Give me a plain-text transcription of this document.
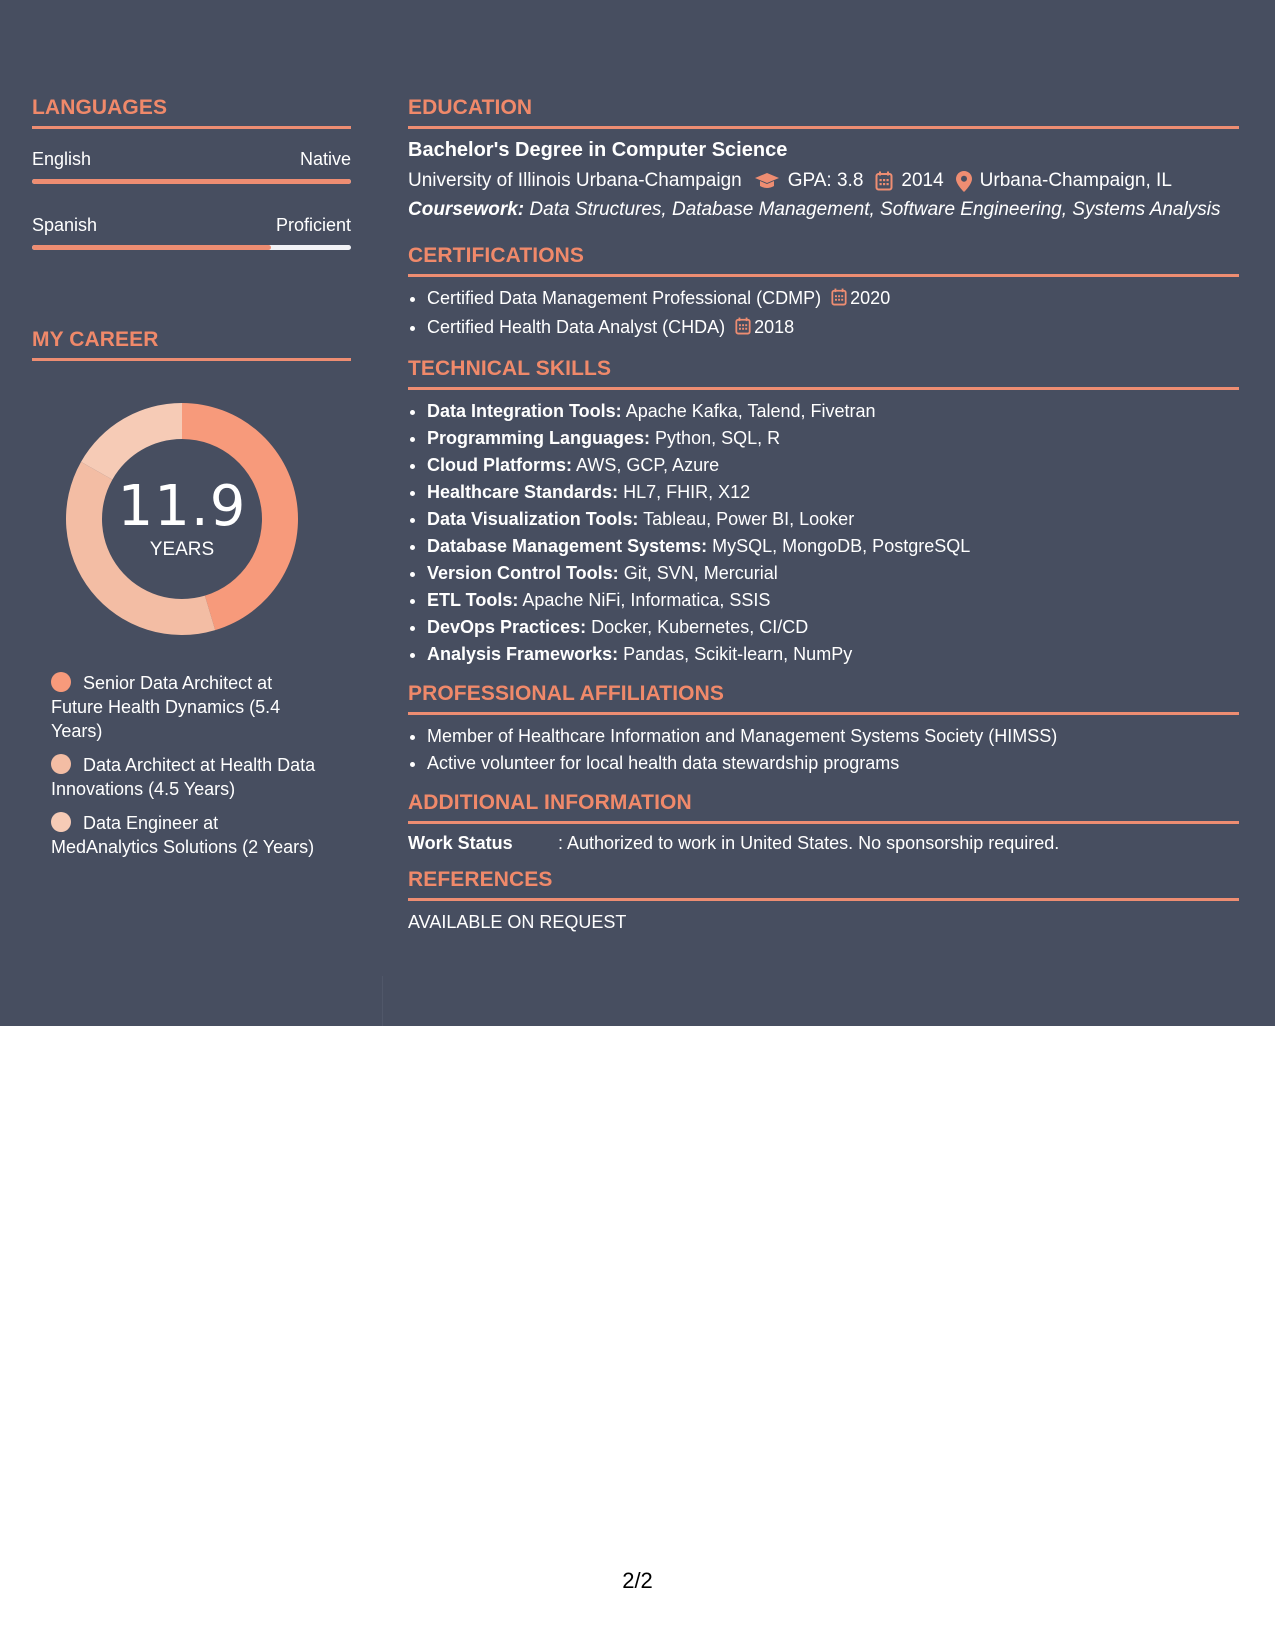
LANGUAGES
English	Native
Spanish	Proficient
MY CAREER
11.9
YEARS
Senior Data Architect at Future Health Dynamics (5.4 Years)
Data Architect at Health Data Innovations (4.5 Years)
Data Engineer at MedAnalytics Solutions (2 Years)
EDUCATION
Bachelor's Degree in Computer Science
University of Illinois Urbana-Champaign GPA: 3.8 2014 Urbana-Champaign, IL
Coursework: Data Structures, Database Management, Software Engineering, Systems Analysis
CERTIFICATIONS
• Certified Data Management Professional (CDMP) 2020
• Certified Health Data Analyst (CHDA) 2018
TECHNICAL SKILLS
• Data Integration Tools: Apache Kafka, Talend, Fivetran
• Programming Languages: Python, SQL, R
• Cloud Platforms: AWS, GCP, Azure
• Healthcare Standards: HL7, FHIR, X12
• Data Visualization Tools: Tableau, Power BI, Looker
• Database Management Systems: MySQL, MongoDB, PostgreSQL
• Version Control Tools: Git, SVN, Mercurial
• ETL Tools: Apache NiFi, Informatica, SSIS
• DevOps Practices: Docker, Kubernetes, CI/CD
• Analysis Frameworks: Pandas, Scikit-learn, NumPy
PROFESSIONAL AFFILIATIONS
• Member of Healthcare Information and Management Systems Society (HIMSS)
• Active volunteer for local health data stewardship programs
ADDITIONAL INFORMATION
Work Status	: Authorized to work in United States. No sponsorship required.
REFERENCES
AVAILABLE ON REQUEST
2/2
